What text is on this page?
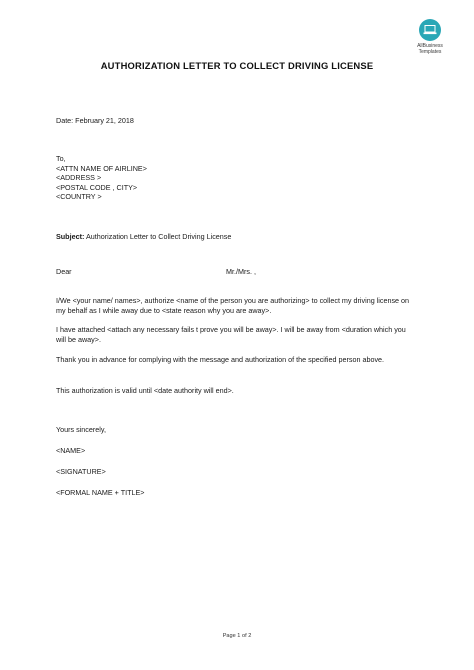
AllBusiness
Templates
AUTHORIZATION LETTER TO COLLECT DRIVING LICENSE
Date: February 21, 2018
To,
<ATTN NAME OF AIRLINE>
<ADDRESS >
<POSTAL CODE , CITY>
<COUNTRY >
Subject: Authorization Letter to Collect Driving License
Dear	Mr./Mrs. ,
I/We <your name/ names>, authorize <name of the person you are authorizing> to collect my driving license on my behalf as I while away due to <state reason why you are away>.
I have attached <attach any necessary fails t prove you will be away>. I will be away from <duration which you will be away>.
Thank you in advance for complying with the message and authorization of the specified person above.
This authorization is valid until <date authority will end>.
Yours sincerely,
<NAME>
<SIGNATURE>
<FORMAL NAME + TITLE>
Page 1 of 2
